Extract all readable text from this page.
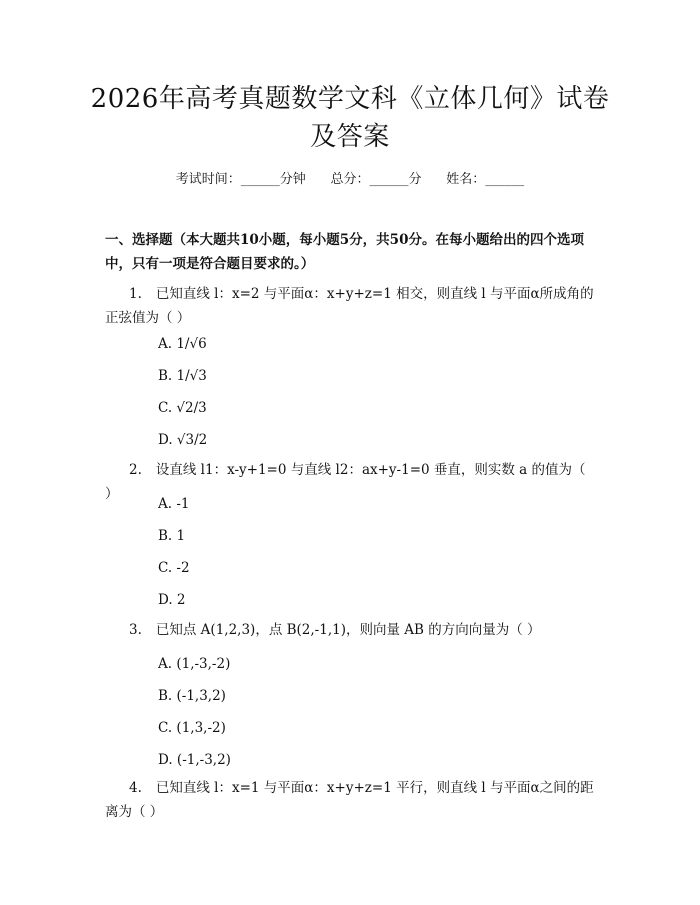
2026年高考真题数学文科《立体几何》试卷
及答案
考试时间：______分钟      总分：______分      姓名：______
一、选择题（本大题共10小题，每小题5分，共50分。在每小题给出的四个选项中，只有一项是符合题目要求的。）
1. 已知直线 l：x=2 与平面α：x+y+z=1 相交，则直线 l 与平面α所成角的
正弦值为（ ）
A. 1/√6
B. 1/√3
C. √2/3
D. √3/2
2. 设直线 l1：x-y+1=0 与直线 l2：ax+y-1=0 垂直，则实数 a 的值为（ ）
A. -1
B. 1
C. -2
D. 2
3. 已知点 A(1,2,3)，点 B(2,-1,1)，则向量 AB 的方向向量为（ ）
A. (1,-3,-2)
B. (-1,3,2)
C. (1,3,-2)
D. (-1,-3,2)
4. 已知直线 l：x=1 与平面α：x+y+z=1 平行，则直线 l 与平面α之间的距
离为（ ）
